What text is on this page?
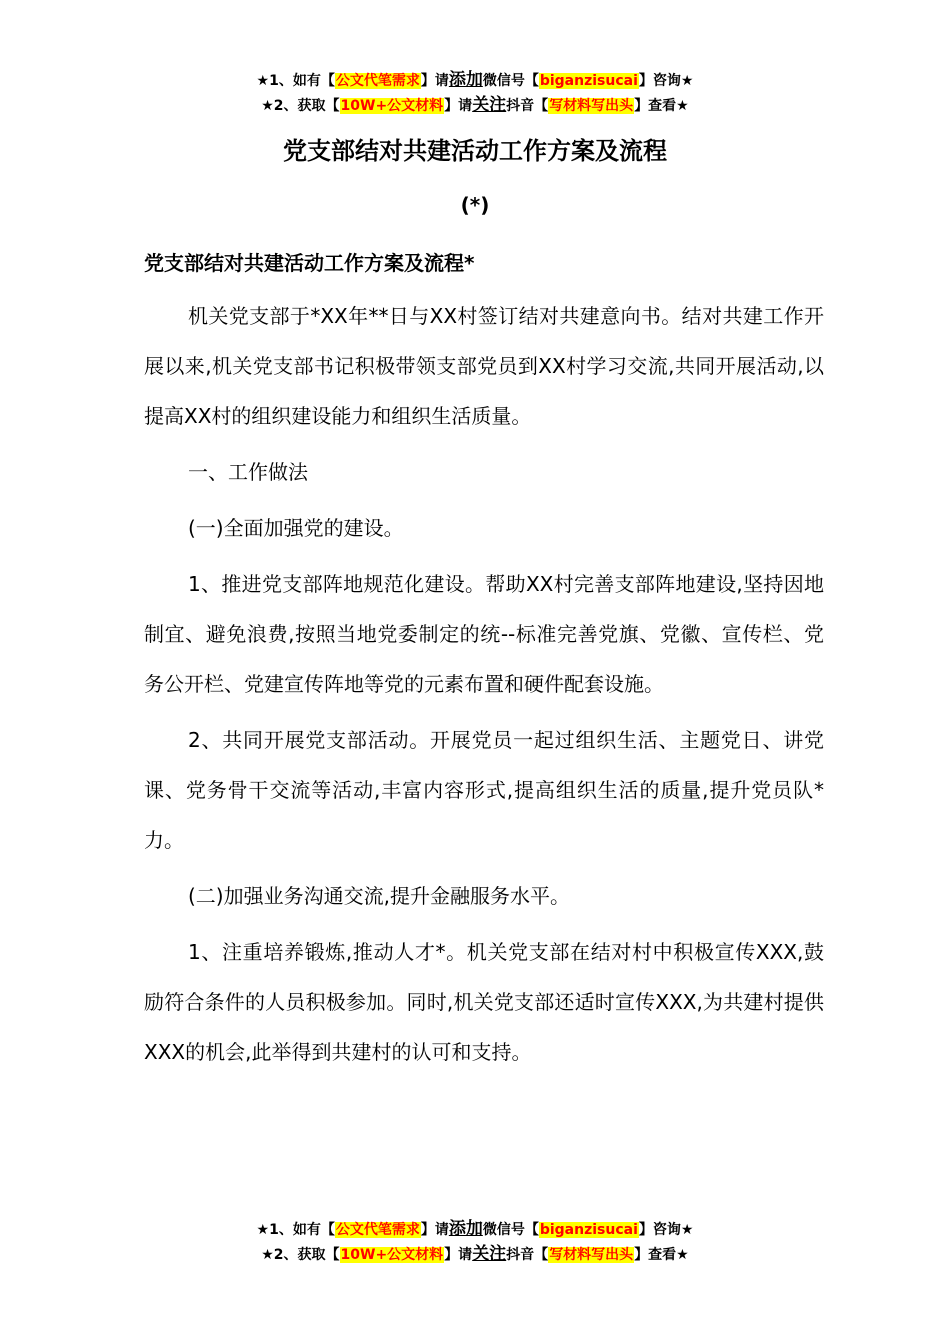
★1、如有【公文代笔需求】请添加微信号【biganzisucai】咨询★
★2、获取【10W+公文材料】请关注抖音【写材料写出头】查看★
党支部结对共建活动工作方案及流程
(*)
党支部结对共建活动工作方案及流程*

机关党支部于*XX年**日与XX村签订结对共建意向书。结对共建工作开展以来,机关党支部书记积极带领支部党员到XX村学习交流,共同开展活动,以提高XX村的组织建设能力和组织生活质量。

一、工作做法

(一)全面加强党的建设。

1、推进党支部阵地规范化建设。帮助XX村完善支部阵地建设,坚持因地制宜、避免浪费,按照当地党委制定的统--标准完善党旗、党徽、宣传栏、党务公开栏、党建宣传阵地等党的元素布置和硬件配套设施。

2、共同开展党支部活动。开展党员一起过组织生活、主题党日、讲党课、党务骨干交流等活动,丰富内容形式,提高组织生活的质量,提升党员队*力。

(二)加强业务沟通交流,提升金融服务水平。

1、注重培养锻炼,推动人才*。机关党支部在结对村中积极宣传XXX,鼓励符合条件的人员积极参加。同时,机关党支部还适时宣传XXX,为共建村提供XXX的机会,此举得到共建村的认可和支持。

★1、如有【公文代笔需求】请添加微信号【biganzisucai】咨询★
★2、获取【10W+公文材料】请关注抖音【写材料写出头】查看★
